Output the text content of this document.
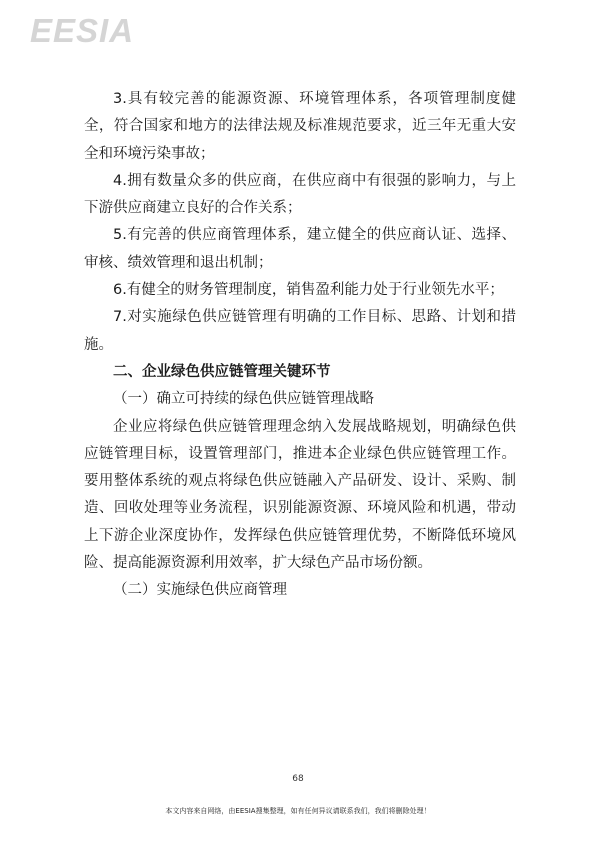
EESIA

3.具有较完善的能源资源、环境管理体系，各项管理制度健全，符合国家和地方的法律法规及标准规范要求，近三年无重大安全和环境污染事故；

4.拥有数量众多的供应商，在供应商中有很强的影响力，与上下游供应商建立良好的合作关系；

5.有完善的供应商管理体系，建立健全的供应商认证、选择、审核、绩效管理和退出机制；

6.有健全的财务管理制度，销售盈利能力处于行业领先水平；

7.对实施绿色供应链管理有明确的工作目标、思路、计划和措施。

二、企业绿色供应链管理关键环节

（一）确立可持续的绿色供应链管理战略

企业应将绿色供应链管理理念纳入发展战略规划，明确绿色供应链管理目标，设置管理部门，推进本企业绿色供应链管理工作。要用整体系统的观点将绿色供应链融入产品研发、设计、采购、制造、回收处理等业务流程，识别能源资源、环境风险和机遇，带动上下游企业深度协作，发挥绿色供应链管理优势，不断降低环境风险、提高能源资源利用效率，扩大绿色产品市场份额。

（二）实施绿色供应商管理

68
本文内容来自网络，由EESIA搜集整理，如有任何异议请联系我们，我们将删除处理！
